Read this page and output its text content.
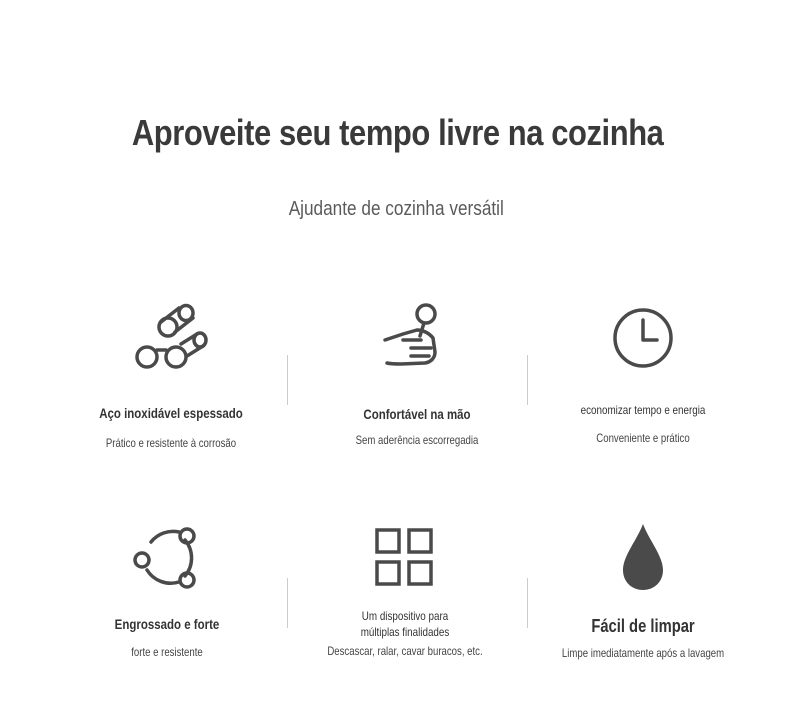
Aproveite seu tempo livre na cozinha
Ajudante de cozinha versátil
Aço inoxidável espessado
Prático e resistente à corrosão
Confortável na mão
Sem aderência escorregadia
economizar tempo e energia
Conveniente e prático
Engrossado e forte
forte e resistente
Um dispositivo para múltiplas finalidades
Descascar, ralar, cavar buracos, etc.
Fácil de limpar
Limpe imediatamente após a lavagem
